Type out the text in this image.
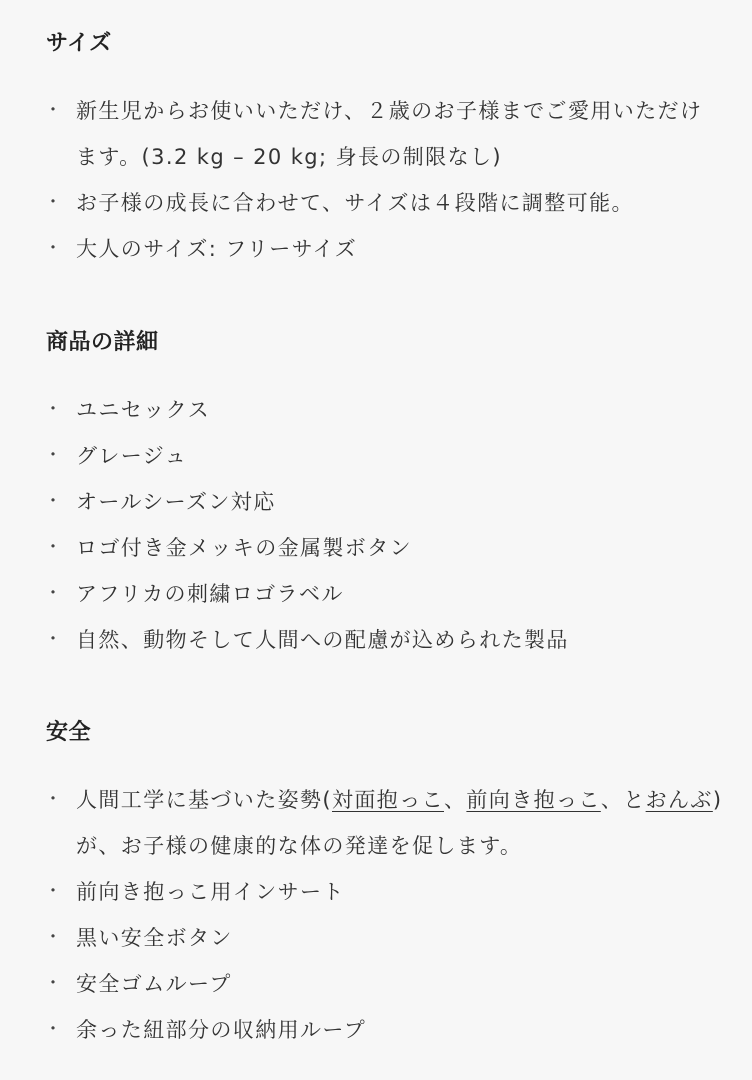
サイズ
・ 新生児からお使いいただけ、２歳のお子様までご愛用いただけます。(3.2 kg – 20 kg; 身長の制限なし)
・ お子様の成長に合わせて、サイズは４段階に調整可能。
・ 大人のサイズ: フリーサイズ
商品の詳細
・ ユニセックス
・ グレージュ
・ オールシーズン対応
・ ロゴ付き金メッキの金属製ボタン
・ アフリカの刺繍ロゴラベル
・ 自然、動物そして人間への配慮が込められた製品
安全
・ 人間工学に基づいた姿勢(対面抱っこ、前向き抱っこ、とおんぶ)が、お子様の健康的な体の発達を促します。
・ 前向き抱っこ用インサート
・ 黒い安全ボタン
・ 安全ゴムループ
・ 余った紐部分の収納用ループ
